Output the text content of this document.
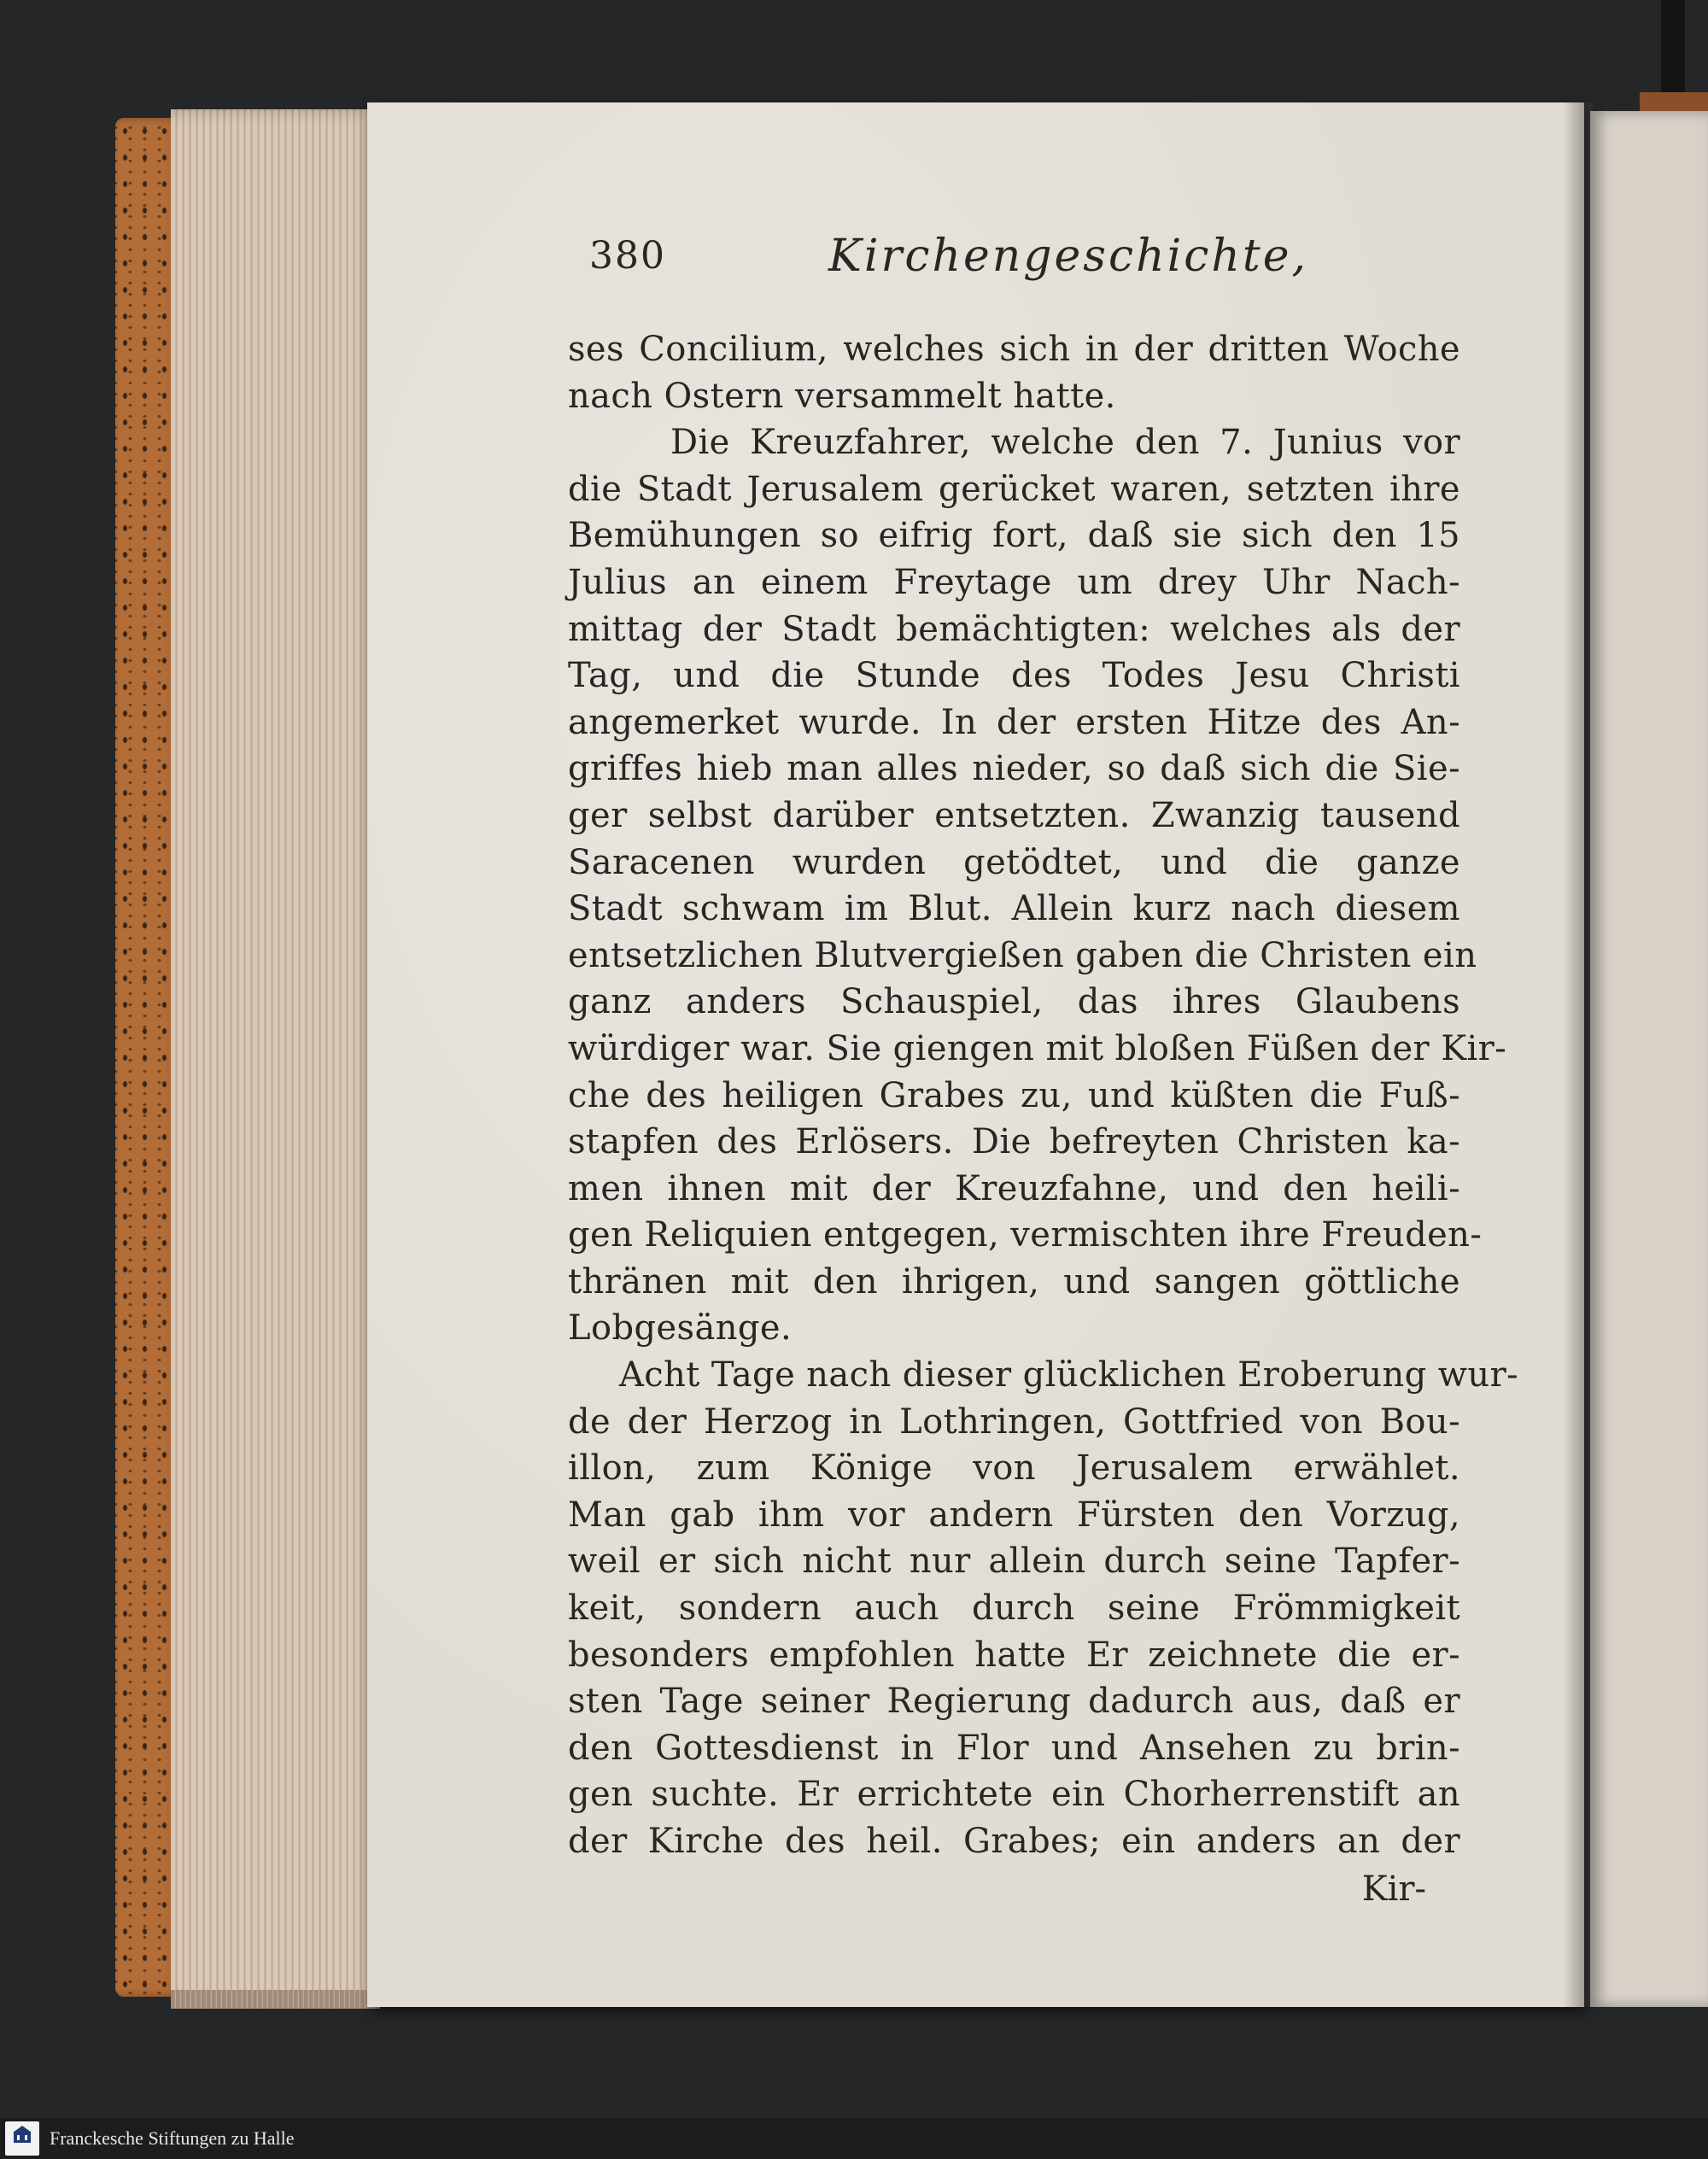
380	Kirchengeschichte,
ses Concilium, welches sich in der dritten Woche
nach Ostern versammelt hatte.
Die Kreuzfahrer, welche den 7. Junius vor
die Stadt Jerusalem gerücket waren, setzten ihre
Bemühungen so eifrig fort, daß sie sich den 15
Julius an einem Freytage um drey Uhr Nach-
mittag der Stadt bemächtigten: welches als der
Tag, und die Stunde des Todes Jesu Christi
angemerket wurde. In der ersten Hitze des An-
griffes hieb man alles nieder, so daß sich die Sie-
ger selbst darüber entsetzten. Zwanzig tausend
Saracenen wurden getödtet, und die ganze
Stadt schwam im Blut. Allein kurz nach diesem
entsetzlichen Blutvergießen gaben die Christen ein
ganz anders Schauspiel, das ihres Glaubens
würdiger war. Sie giengen mit bloßen Füßen der Kir-
che des heiligen Grabes zu, und küßten die Fuß-
stapfen des Erlösers. Die befreyten Christen ka-
men ihnen mit der Kreuzfahne, und den heili-
gen Reliquien entgegen, vermischten ihre Freuden-
thränen mit den ihrigen, und sangen göttliche
Lobgesänge.
Acht Tage nach dieser glücklichen Eroberung wur-
de der Herzog in Lothringen, Gottfried von Bou-
illon, zum Könige von Jerusalem erwählet.
Man gab ihm vor andern Fürsten den Vorzug,
weil er sich nicht nur allein durch seine Tapfer-
keit, sondern auch durch seine Frömmigkeit
besonders empfohlen hatte Er zeichnete die er-
sten Tage seiner Regierung dadurch aus, daß er
den Gottesdienst in Flor und Ansehen zu brin-
gen suchte. Er errichtete ein Chorherrenstift an
der Kirche des heil. Grabes; ein anders an der
Kir-
Franckesche Stiftungen zu Halle
